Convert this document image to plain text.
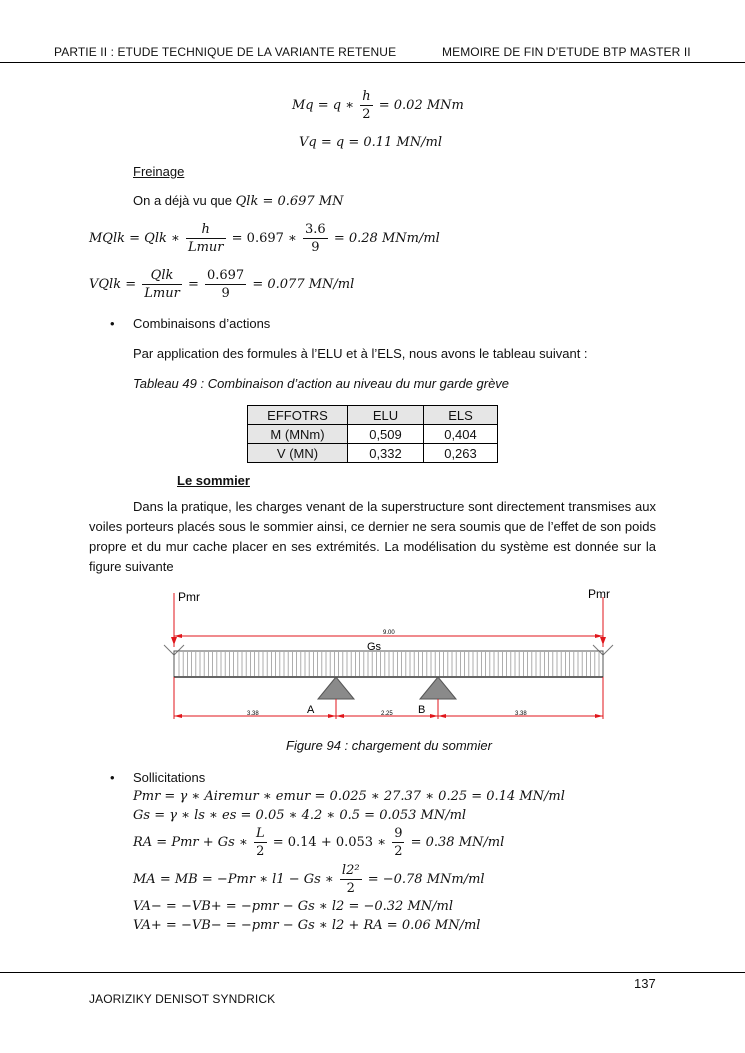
PARTIE II : ETUDE TECHNIQUE DE LA VARIANTE RETENUE	MEMOIRE DE FIN D’ETUDE BTP MASTER II
Mq = q ∗ $\frac{h}{2} = 0.02$ MNm
Vq = q = 0.11 MN/ml
Freinage
On a déjà vu que Qlk = 0.697 MN
MQlk = Qlk ∗ $\frac{h}{\text{Lmur}} = 0.697$ ∗ $\frac{3.6}{9} = 0.28$ MNm/ml
VQlk = $\frac{\text{Qlk}}{\text{Lmur}} = \frac{0.697}{9} = 0.077$ MN/ml
• Combinaisons d’actions
Par application des formules à l’ELU et à l’ELS, nous avons le tableau suivant :
Tableau 49 : Combinaison d’action au niveau du mur garde grève
EFFOTRS	ELU	ELS
M (MNm)	0,509	0,404
V (MN)	0,332	0,263
Le sommier
Dans la pratique, les charges venant de la superstructure sont directement transmises aux voiles porteurs placés sous le sommier ainsi, ce dernier ne sera soumis que de l’effet de son poids propre et du mur cache placer en ses extrémités. La modélisation du système est donnée sur la figure suivante
Pmr	Pmr
9.00
Gs
A	B
3.38	2.25	3.38
Figure 94 : chargement du sommier
• Sollicitations
Pmr = γ ∗ Airemur ∗ emur = 0.025 ∗ 27.37 ∗ 0.25 = 0.14 MN/ml
Gs = γ ∗ ls ∗ es = 0.05 ∗ 4.2 ∗ 0.5 = 0.053 MN/ml
RA = Pmr + Gs ∗ $\frac{L}{2} = 0.14 + 0.053$ ∗ $\frac{9}{2} = 0.38$ MN/ml
MA = MB = −Pmr ∗ l1 − Gs ∗ $\frac{\text{l2²}}{2} = -0.78$ MNm/ml
VA− = −VB+ = −pmr − Gs ∗ l2 = −0.32 MN/ml
VA+ = −VB− = −pmr − Gs ∗ l2 + RA = 0.06 MN/ml
137
JAORIZIKY DENISOT SYNDRICK
